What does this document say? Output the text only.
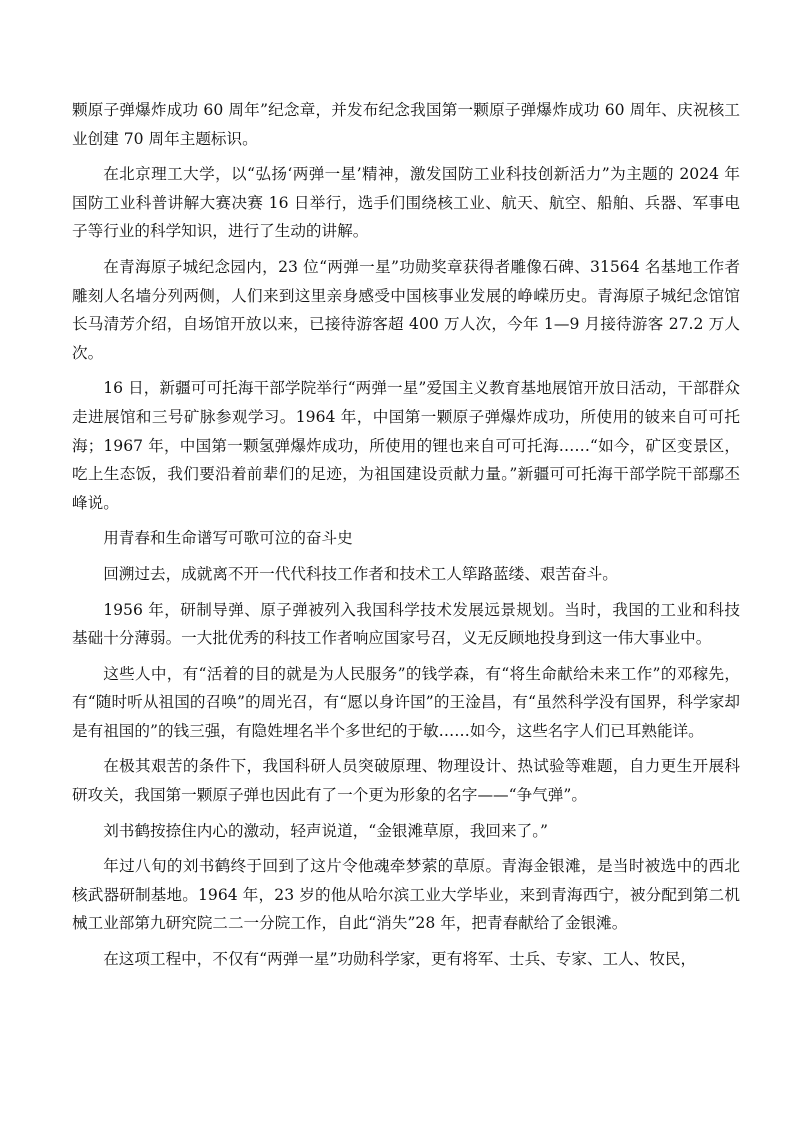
颗原子弹爆炸成功 60 周年”纪念章，并发布纪念我国第一颗原子弹爆炸成功 60 周年、庆祝核工业创建 70 周年主题标识。

在北京理工大学，以“弘扬‘两弹一星’精神，激发国防工业科技创新活力”为主题的 2024 年国防工业科普讲解大赛决赛 16 日举行，选手们围绕核工业、航天、航空、船舶、兵器、军事电子等行业的科学知识，进行了生动的讲解。

在青海原子城纪念园内，23 位“两弹一星”功勋奖章获得者雕像石碑、31564 名基地工作者雕刻人名墙分列两侧，人们来到这里亲身感受中国核事业发展的峥嵘历史。青海原子城纪念馆馆长马清芳介绍，自场馆开放以来，已接待游客超 400 万人次，今年 1—9 月接待游客 27.2 万人次。

16 日，新疆可可托海干部学院举行“两弹一星”爱国主义教育基地展馆开放日活动，干部群众走进展馆和三号矿脉参观学习。1964 年，中国第一颗原子弹爆炸成功，所使用的铍来自可可托海；1967 年，中国第一颗氢弹爆炸成功，所使用的锂也来自可可托海……“如今，矿区变景区，吃上生态饭，我们要沿着前辈们的足迹，为祖国建设贡献力量。”新疆可可托海干部学院干部鄢丕峰说。

用青春和生命谱写可歌可泣的奋斗史

回溯过去，成就离不开一代代科技工作者和技术工人筚路蓝缕、艰苦奋斗。

1956 年，研制导弹、原子弹被列入我国科学技术发展远景规划。当时，我国的工业和科技基础十分薄弱。一大批优秀的科技工作者响应国家号召，义无反顾地投身到这一伟大事业中。

这些人中，有“活着的目的就是为人民服务”的钱学森，有“将生命献给未来工作”的邓稼先，有“随时听从祖国的召唤”的周光召，有“愿以身许国”的王淦昌，有“虽然科学没有国界，科学家却是有祖国的”的钱三强，有隐姓埋名半个多世纪的于敏……如今，这些名字人们已耳熟能详。

在极其艰苦的条件下，我国科研人员突破原理、物理设计、热试验等难题，自力更生开展科研攻关，我国第一颗原子弹也因此有了一个更为形象的名字——“争气弹”。

刘书鹤按捺住内心的激动，轻声说道，“金银滩草原，我回来了。”

年过八旬的刘书鹤终于回到了这片令他魂牵梦萦的草原。青海金银滩，是当时被选中的西北核武器研制基地。1964 年，23 岁的他从哈尔滨工业大学毕业，来到青海西宁，被分配到第二机械工业部第九研究院二二一分院工作，自此“消失”28 年，把青春献给了金银滩。

在这项工程中，不仅有“两弹一星”功勋科学家，更有将军、士兵、专家、工人、牧民，
